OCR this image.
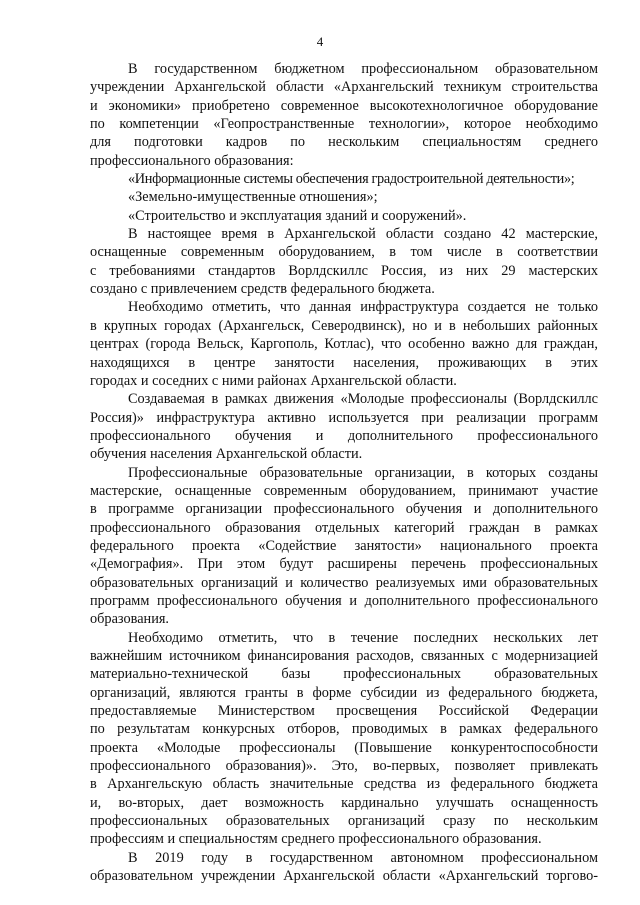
4

В государственном бюджетном профессиональном образовательном
учреждении Архангельской области «Архангельский техникум строительства
и экономики» приобретено современное высокотехнологичное оборудование
по компетенции «Геопространственные технологии», которое необходимо
для подготовки кадров по нескольким специальностям среднего
профессионального образования:

«Информационные системы обеспечения градостроительной деятельности»;

«Земельно-имущественные отношения»;

«Строительство и эксплуатация зданий и сооружений».

В настоящее время в Архангельской области создано 42 мастерские,
оснащенные современным оборудованием, в том числе в соответствии
с требованиями стандартов Ворлдскиллс Россия, из них 29 мастерских
создано с привлечением средств федерального бюджета.

Необходимо отметить, что данная инфраструктура создается не только
в крупных городах (Архангельск, Северодвинск), но и в небольших районных
центрах (города Вельск, Каргополь, Котлас), что особенно важно для граждан,
находящихся в центре занятости населения, проживающих в этих
городах и соседних с ними районах Архангельской области.

Создаваемая в рамках движения «Молодые профессионалы (Ворлдскиллс
Россия)» инфраструктура активно используется при реализации программ
профессионального обучения и дополнительного профессионального
обучения населения Архангельской области.

Профессиональные образовательные организации, в которых созданы
мастерские, оснащенные современным оборудованием, принимают участие
в программе организации профессионального обучения и дополнительного
профессионального образования отдельных категорий граждан в рамках
федерального проекта «Содействие занятости» национального проекта
«Демография». При этом будут расширены перечень профессиональных
образовательных организаций и количество реализуемых ими образовательных
программ профессионального обучения и дополнительного профессионального
образования.

Необходимо отметить, что в течение последних нескольких лет
важнейшим источником финансирования расходов, связанных с модернизацией
материально-технической базы профессиональных образовательных
организаций, являются гранты в форме субсидии из федерального бюджета,
предоставляемые Министерством просвещения Российской Федерации
по результатам конкурсных отборов, проводимых в рамках федерального
проекта «Молодые профессионалы (Повышение конкурентоспособности
профессионального образования)». Это, во-первых, позволяет привлекать
в Архангельскую область значительные средства из федерального бюджета
и, во-вторых, дает возможность кардинально улучшать оснащенность
профессиональных образовательных организаций сразу по нескольким
профессиям и специальностям среднего профессионального образования.

В 2019 году в государственном автономном профессиональном
образовательном учреждении Архангельской области «Архангельский торгово-
